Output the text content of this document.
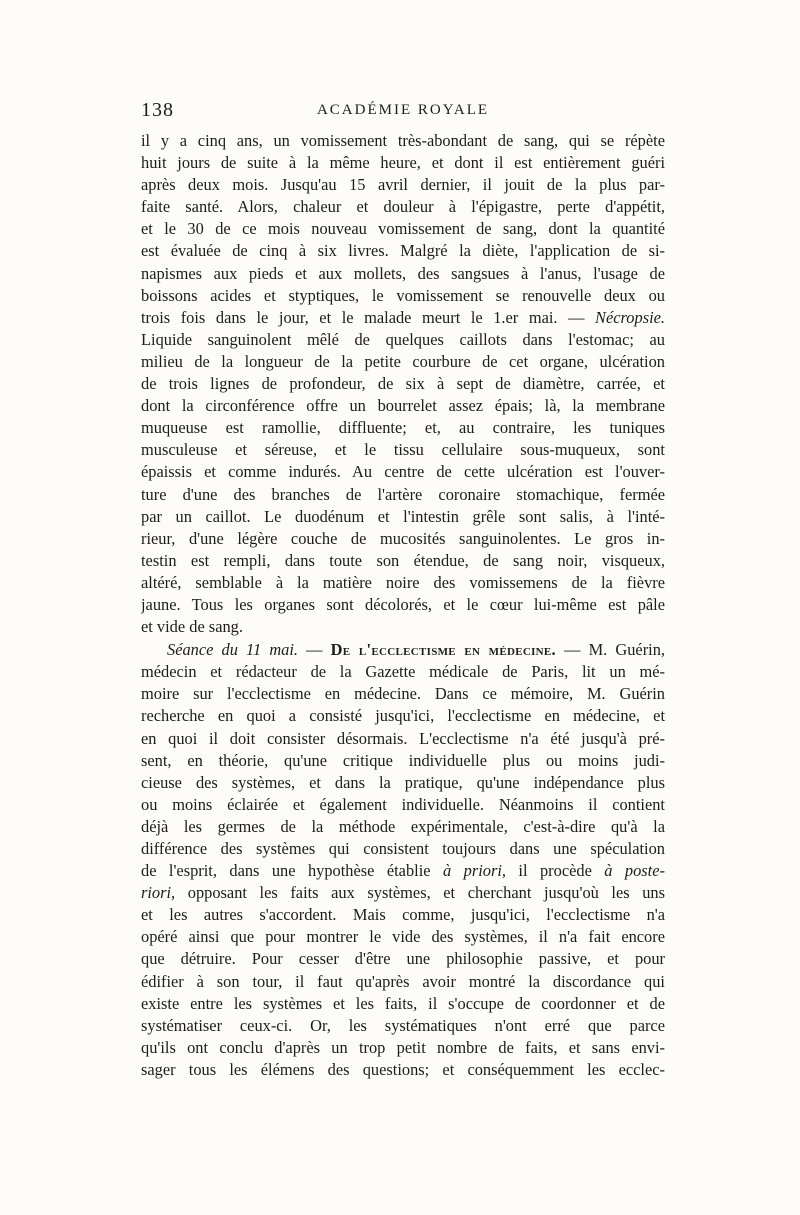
138	ACADÉMIE ROYALE
il y a cinq ans, un vomissement très-abondant de sang, qui se répète
huit jours de suite à la même heure, et dont il est entièrement guéri
après deux mois. Jusqu'au 15 avril dernier, il jouit de la plus par-
faite santé. Alors, chaleur et douleur à l'épigastre, perte d'appétit,
et le 30 de ce mois nouveau vomissement de sang, dont la quantité
est évaluée de cinq à six livres. Malgré la diète, l'application de si-
napismes aux pieds et aux mollets, des sangsues à l'anus, l'usage de
boissons acides et styptiques, le vomissement se renouvelle deux ou
trois fois dans le jour, et le malade meurt le 1.er mai. — Nécropsie.
Liquide sanguinolent mêlé de quelques caillots dans l'estomac; au
milieu de la longueur de la petite courbure de cet organe, ulcération
de trois lignes de profondeur, de six à sept de diamètre, carrée, et
dont la circonférence offre un bourrelet assez épais; là, la membrane
muqueuse est ramollie, diffluente; et, au contraire, les tuniques
musculeuse et séreuse, et le tissu cellulaire sous-muqueux, sont
épaissis et comme indurés. Au centre de cette ulcération est l'ouver-
ture d'une des branches de l'artère coronaire stomachique, fermée
par un caillot. Le duodénum et l'intestin grêle sont salis, à l'inté-
rieur, d'une légère couche de mucosités sanguinolentes. Le gros in-
testin est rempli, dans toute son étendue, de sang noir, visqueux,
altéré, semblable à la matière noire des vomissemens de la fièvre
jaune. Tous les organes sont décolorés, et le cœur lui-même est pâle
et vide de sang.
Séance du 11 mai. — De l'ecclectisme en médecine. — M. Guérin,
médecin et rédacteur de la Gazette médicale de Paris, lit un mé-
moire sur l'ecclectisme en médecine. Dans ce mémoire, M. Guérin
recherche en quoi a consisté jusqu'ici, l'ecclectisme en médecine, et
en quoi il doit consister désormais. L'ecclectisme n'a été jusqu'à pré-
sent, en théorie, qu'une critique individuelle plus ou moins judi-
cieuse des systèmes, et dans la pratique, qu'une indépendance plus
ou moins éclairée et également individuelle. Néanmoins il contient
déjà les germes de la méthode expérimentale, c'est-à-dire qu'à la
différence des systèmes qui consistent toujours dans une spéculation
de l'esprit, dans une hypothèse établie à priori, il procède à poste-
riori, opposant les faits aux systèmes, et cherchant jusqu'où les uns
et les autres s'accordent. Mais comme, jusqu'ici, l'ecclectisme n'a
opéré ainsi que pour montrer le vide des systèmes, il n'a fait encore
que détruire. Pour cesser d'être une philosophie passive, et pour
édifier à son tour, il faut qu'après avoir montré la discordance qui
existe entre les systèmes et les faits, il s'occupe de coordonner et de
systématiser ceux-ci. Or, les systématiques n'ont erré que parce
qu'ils ont conclu d'après un trop petit nombre de faits, et sans envi-
sager tous les élémens des questions; et conséquemment les ecclec-
